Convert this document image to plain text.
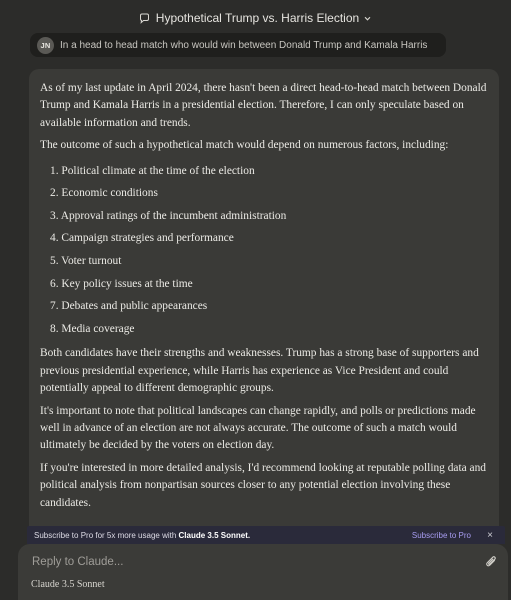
Hypothetical Trump vs. Harris Election
JN In a head to head match who would win between Donald Trump and Kamala Harris

As of my last update in April 2024, there hasn't been a direct head-to-head match between Donald Trump and Kamala Harris in a presidential election. Therefore, I can only speculate based on available information and trends.

The outcome of such a hypothetical match would depend on numerous factors, including:

1. Political climate at the time of the election
2. Economic conditions
3. Approval ratings of the incumbent administration
4. Campaign strategies and performance
5. Voter turnout
6. Key policy issues at the time
7. Debates and public appearances
8. Media coverage

Both candidates have their strengths and weaknesses. Trump has a strong base of supporters and previous presidential experience, while Harris has experience as Vice President and could potentially appeal to different demographic groups.

It's important to note that political landscapes can change rapidly, and polls or predictions made well in advance of an election are not always accurate. The outcome of such a match would ultimately be decided by the voters on election day.

If you're interested in more detailed analysis, I'd recommend looking at reputable polling data and political analysis from nonpartisan sources closer to any potential election involving these candidates.

Subscribe to Pro for 5x more usage with Claude 3.5 Sonnet.	Subscribe to Pro ×
Reply to Claude...
Claude 3.5 Sonnet
